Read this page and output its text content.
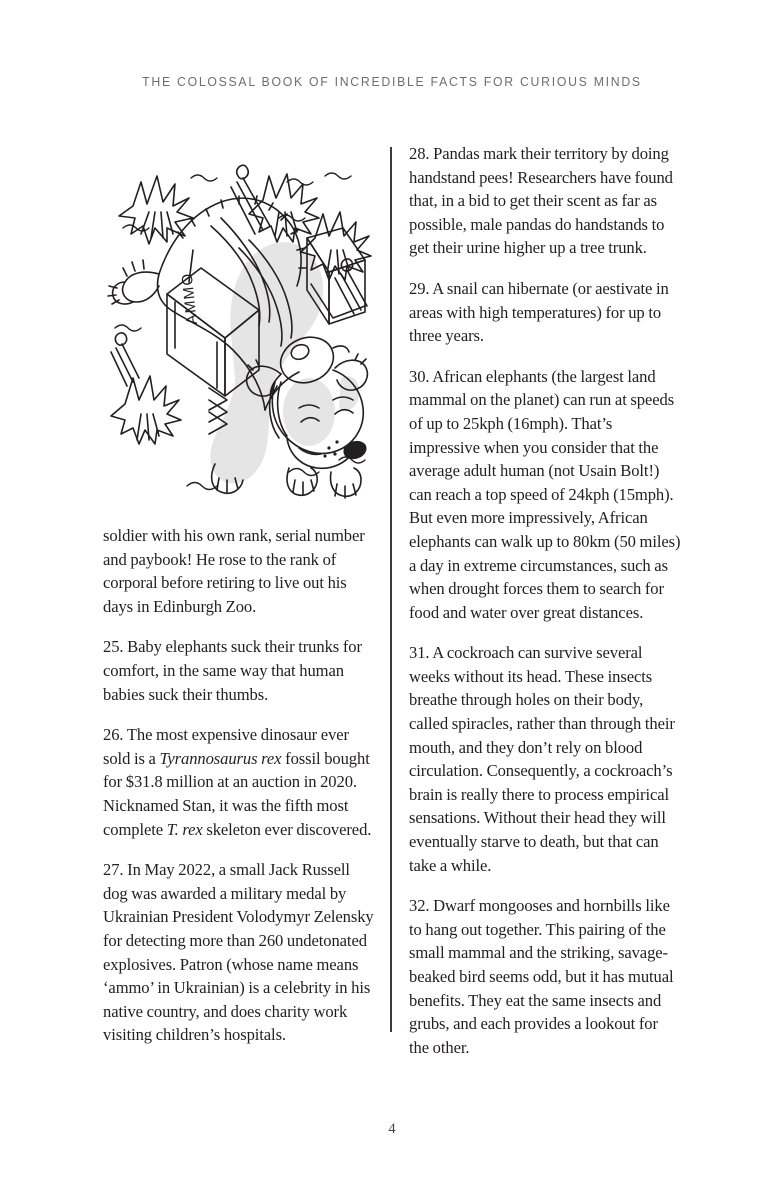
THE COLOSSAL BOOK OF INCREDIBLE FACTS FOR CURIOUS MINDS
AMMO

soldier with his own rank, serial number and paybook! He rose to the rank of corporal before retiring to live out his days in Edinburgh Zoo.

25. Baby elephants suck their trunks for comfort, in the same way that human babies suck their thumbs.

26. The most expensive dinosaur ever sold is a Tyrannosaurus rex fossil bought for $31.8 million at an auction in 2020. Nicknamed Stan, it was the fifth most complete T. rex skeleton ever discovered.

27. In May 2022, a small Jack Russell dog was awarded a military medal by Ukrainian President Volodymyr Zelensky for detecting more than 260 undetonated explosives. Patron (whose name means ‘ammo’ in Ukrainian) is a celebrity in his native country, and does charity work visiting children’s hospitals.

28. Pandas mark their territory by doing handstand pees! Researchers have found that, in a bid to get their scent as far as possible, male pandas do handstands to get their urine higher up a tree trunk.

29. A snail can hibernate (or aestivate in areas with high temperatures) for up to three years.

30. African elephants (the largest land mammal on the planet) can run at speeds of up to 25kph (16mph). That’s impressive when you consider that the average adult human (not Usain Bolt!) can reach a top speed of 24kph (15mph). But even more impressively, African elephants can walk up to 80km (50 miles) a day in extreme circumstances, such as when drought forces them to search for food and water over great distances.

31. A cockroach can survive several weeks without its head. These insects breathe through holes on their body, called spiracles, rather than through their mouth, and they don’t rely on blood circulation. Consequently, a cockroach’s brain is really there to process empirical sensations. Without their head they will eventually starve to death, but that can take a while.

32. Dwarf mongooses and hornbills like to hang out together. This pairing of the small mammal and the striking, savage-beaked bird seems odd, but it has mutual benefits. They eat the same insects and grubs, and each provides a lookout for the other.

4
